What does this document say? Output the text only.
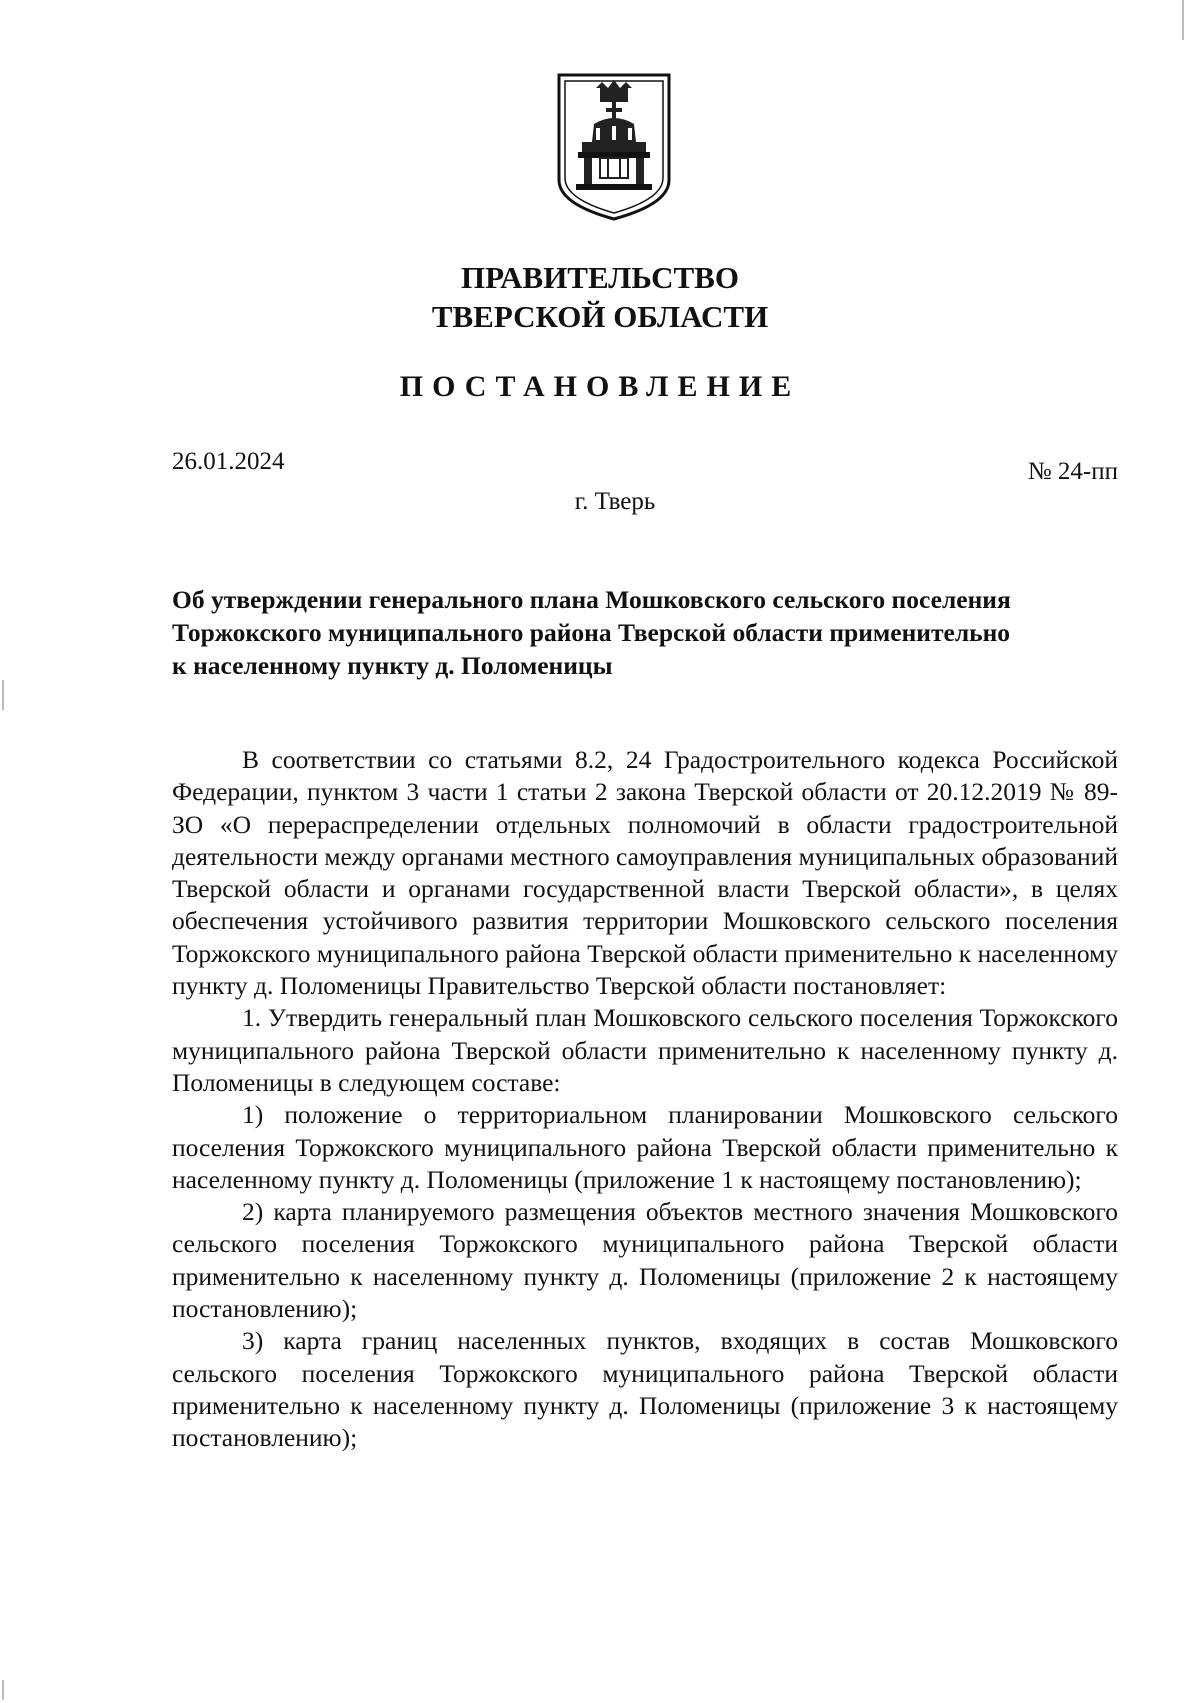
ПРАВИТЕЛЬСТВО
ТВЕРСКОЙ ОБЛАСТИ
ПОСТАНОВЛЕНИЕ
26.01.2024	№ 24-пп
г. Тверь
Об утверждении генерального плана Мошковского сельского поселения
Торжокского муниципального района Тверской области применительно
к населенному пункту д. Поломеницы

В соответствии со статьями 8.2, 24 Градостроительного кодекса Российской Федерации, пунктом 3 части 1 статьи 2 закона Тверской области от 20.12.2019 № 89-ЗО «О перераспределении отдельных полномочий в области градостроительной деятельности между органами местного самоуправления муниципальных образований Тверской области и органами государственной власти Тверской области», в целях обеспечения устойчивого развития территории Мошковского сельского поселения Торжокского муниципального района Тверской области применительно к населенному пункту д. Поломеницы Правительство Тверской области постановляет:

1. Утвердить генеральный план Мошковского сельского поселения Торжокского муниципального района Тверской области применительно к населенному пункту д. Поломеницы в следующем составе:

1) положение о территориальном планировании Мошковского сельского поселения Торжокского муниципального района Тверской области применительно к населенному пункту д. Поломеницы (приложение 1 к настоящему постановлению);

2) карта планируемого размещения объектов местного значения Мошковского сельского поселения Торжокского муниципального района Тверской области применительно к населенному пункту д. Поломеницы (приложение 2 к настоящему постановлению);

3) карта границ населенных пунктов, входящих в состав Мошковского сельского поселения Торжокского муниципального района Тверской области применительно к населенному пункту д. Поломеницы (приложение 3 к настоящему постановлению);
